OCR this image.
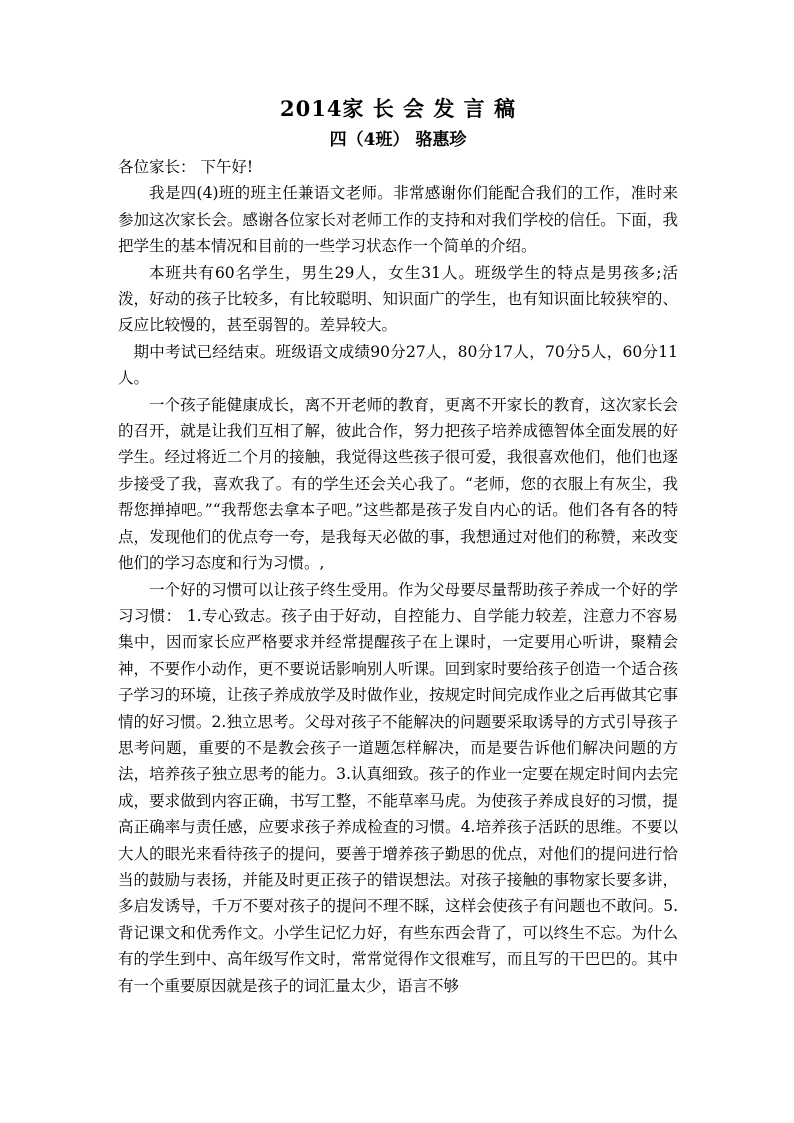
2014家 长 会 发 言 稿
四（4班） 骆惠珍

各位家长： 下午好!

我是四(4)班的班主任兼语文老师。非常感谢你们能配合我们的工作，准时来参加这次家长会。感谢各位家长对老师工作的支持和对我们学校的信任。下面，我把学生的基本情况和目前的一些学习状态作一个简单的介绍。

本班共有60名学生，男生29人，女生31人。班级学生的特点是男孩多;活泼，好动的孩子比较多，有比较聪明、知识面广的学生，也有知识面比较狭窄的、反应比较慢的，甚至弱智的。差异较大。

期中考试已经结束。班级语文成绩90分27人，80分17人，70分5人，60分11人。

一个孩子能健康成长，离不开老师的教育，更离不开家长的教育，这次家长会的召开，就是让我们互相了解，彼此合作，努力把孩子培养成德智体全面发展的好学生。经过将近二个月的接触，我觉得这些孩子很可爱，我很喜欢他们，他们也逐步接受了我，喜欢我了。有的学生还会关心我了。“老师，您的衣服上有灰尘，我帮您掸掉吧。”“我帮您去拿本子吧。”这些都是孩子发自内心的话。他们各有各的特点，发现他们的优点夸一夸，是我每天必做的事，我想通过对他们的称赞，来改变他们的学习态度和行为习惯。,

一个好的习惯可以让孩子终生受用。作为父母要尽量帮助孩子养成一个好的学习习惯： 1.专心致志。孩子由于好动，自控能力、自学能力较差，注意力不容易集中，因而家长应严格要求并经常提醒孩子在上课时，一定要用心听讲，聚精会神，不要作小动作，更不要说话影响别人听课。回到家时要给孩子创造一个适合孩子学习的环境，让孩子养成放学及时做作业，按规定时间完成作业之后再做其它事情的好习惯。2.独立思考。父母对孩子不能解决的问题要采取诱导的方式引导孩子思考问题，重要的不是教会孩子一道题怎样解决，而是要告诉他们解决问题的方法，培养孩子独立思考的能力。3.认真细致。孩子的作业一定要在规定时间内去完成，要求做到内容正确，书写工整，不能草率马虎。为使孩子养成良好的习惯，提高正确率与责任感，应要求孩子养成检查的习惯。4.培养孩子活跃的思维。不要以大人的眼光来看待孩子的提问，要善于增养孩子勤思的优点，对他们的提问进行恰当的鼓励与表扬，并能及时更正孩子的错误想法。对孩子接触的事物家长要多讲，多启发诱导，千万不要对孩子的提问不理不睬，这样会使孩子有问题也不敢问。5.背记课文和优秀作文。小学生记忆力好，有些东西会背了，可以终生不忘。为什么有的学生到中、高年级写作文时，常常觉得作文很难写，而且写的干巴巴的。其中有一个重要原因就是孩子的词汇量太少，语言不够
